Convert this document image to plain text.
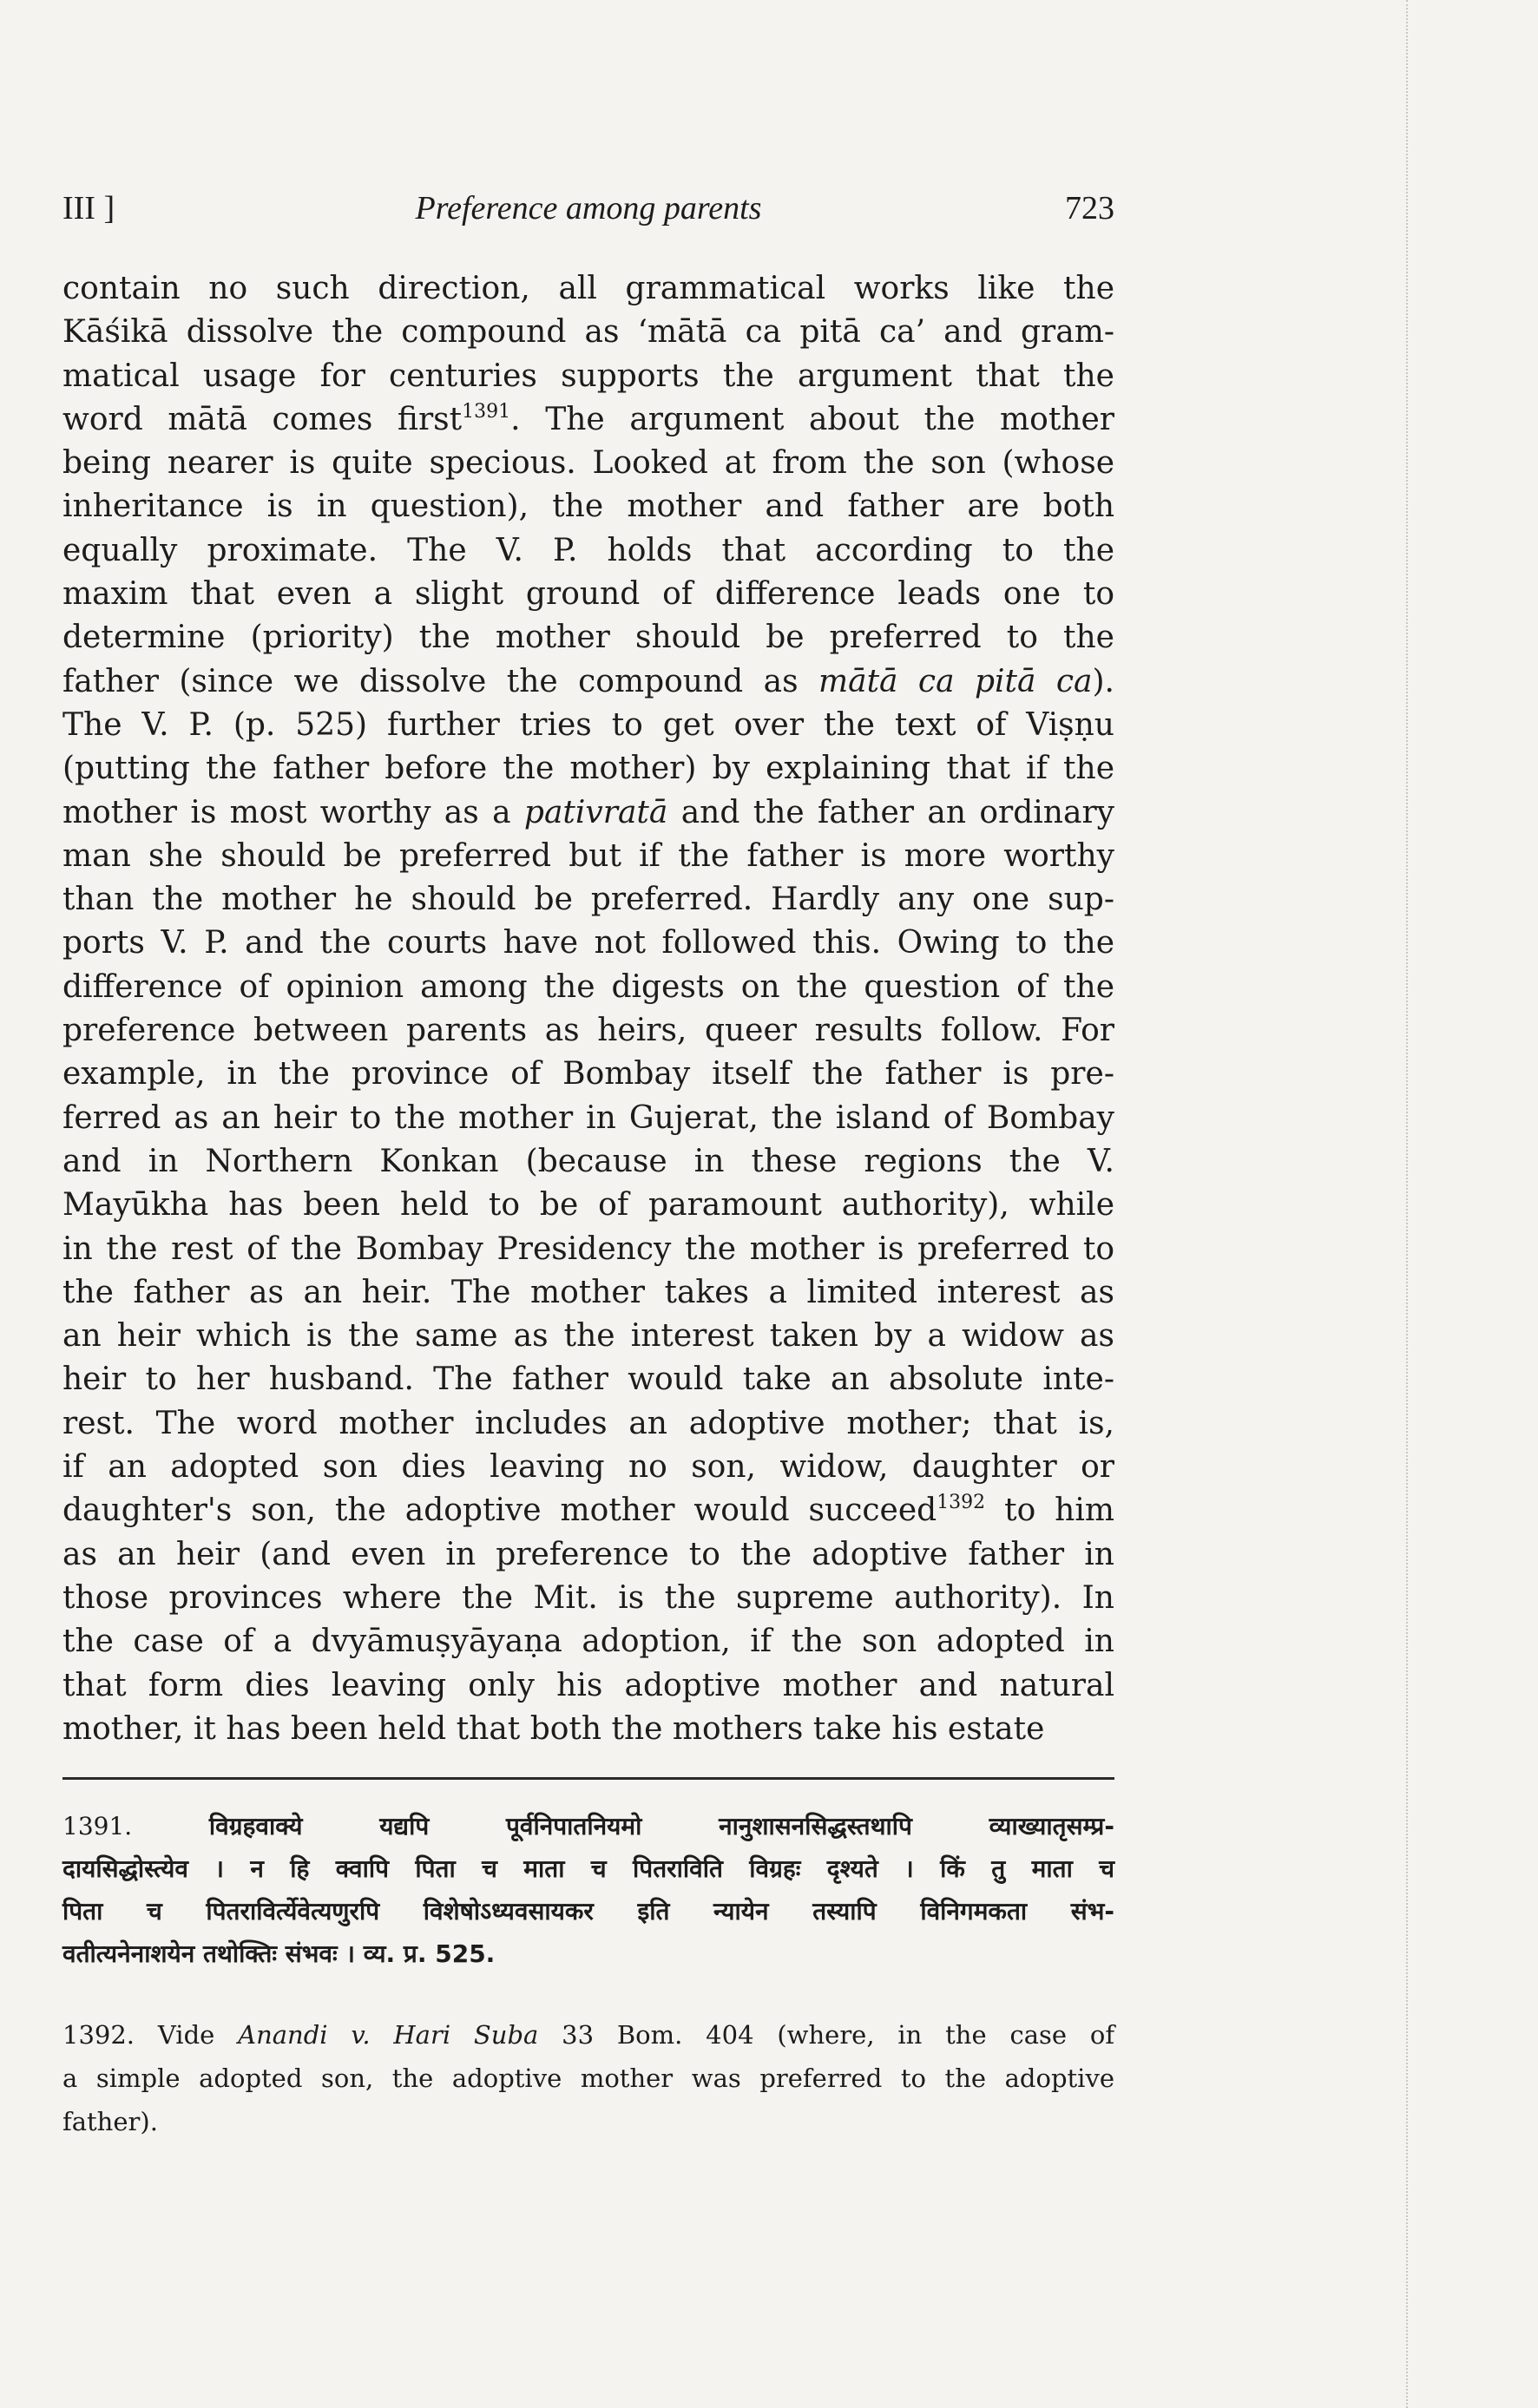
III ]	Preference among parents	723
contain no such direction, all grammatical works like the
Kāśikā dissolve the compound as ‘mātā ca pitā ca’ and gram-
matical usage for centuries supports the argument that the
word mātā comes first$^{1391}$. The argument about the mother
being nearer is quite specious. Looked at from the son (whose
inheritance is in question), the mother and father are both
equally proximate. The V. P. holds that according to the
maxim that even a slight ground of difference leads one to
determine (priority) the mother should be preferred to the
father (since we dissolve the compound as mātā ca pitā ca).
The V. P. (p. 525) further tries to get over the text of Viṣṇu
(putting the father before the mother) by explaining that if the
mother is most worthy as a pativratā and the father an ordinary
man she should be preferred but if the father is more worthy
than the mother he should be preferred. Hardly any one sup-
ports V. P. and the courts have not followed this. Owing to the
difference of opinion among the digests on the question of the
preference between parents as heirs, queer results follow. For
example, in the province of Bombay itself the father is pre-
ferred as an heir to the mother in Gujerat, the island of Bombay
and in Northern Konkan (because in these regions the V.
Mayūkha has been held to be of paramount authority), while
in the rest of the Bombay Presidency the mother is preferred to
the father as an heir. The mother takes a limited interest as
an heir which is the same as the interest taken by a widow as
heir to her husband. The father would take an absolute inte-
rest. The word mother includes an adoptive mother; that is,
if an adopted son dies leaving no son, widow, daughter or
daughter's son, the adoptive mother would succeed$^{1392}$ to him
as an heir (and even in preference to the adoptive father in
those provinces where the Mit. is the supreme authority). In
the case of a dvyāmuṣyāyaṇa adoption, if the son adopted in
that form dies leaving only his adoptive mother and natural
mother, it has been held that both the mothers take his estate
1391.	विग्रहवाक्ये यद्यपि पूर्वनिपातनियमो नानुशासनसिद्धस्तथापि व्याख्यातृसम्प्र-
दायसिद्धोस्त्येव । न हि क्वापि पिता च माता च पितराविति विग्रहः दृश्यते । किं तु माता च
पिता च पितराविर्त्येवेत्यणुरपि विशेषोऽध्यवसायकर इति न्यायेन तस्यापि विनिगमकता संभ-
वतीत्यनेनाशयेन तथोक्तिः संभवः । व्य. प्र. 525.
1392. Vide Anandi v. Hari Suba 33 Bom. 404 (where, in the case of
a simple adopted son, the adoptive mother was preferred to the adoptive
father).
